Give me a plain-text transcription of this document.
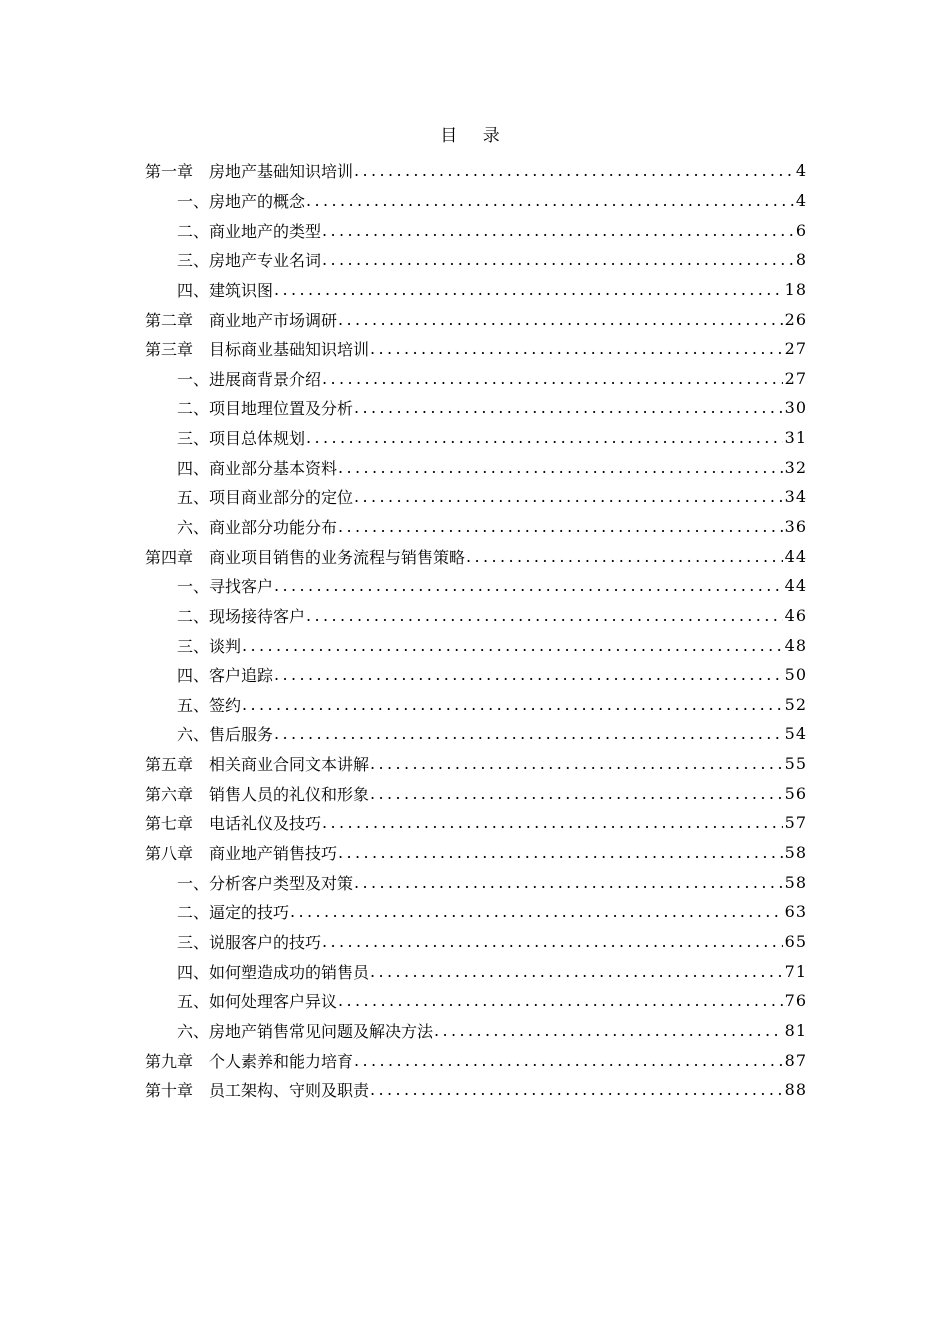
目 录
第一章 房地产基础知识培训 .....	4
一、 房地产的概念 .....	4
二、 商业地产的类型 .....	6
三、 房地产专业名词 .....	8
四、 建筑识图 .....	18
第二章 商业地产市场调研 .....	26
第三章 目标商业基础知识培训 .....	27
一、 进展商背景介绍 .....	27
二、 项目地理位置及分析 .....	30
三、 项目总体规划 .....	31
四、 商业部分基本资料 .....	32
五、 项目商业部分的定位 .....	34
六、 商业部分功能分布 .....	36
第四章 商业项目销售的业务流程与销售策略 .....	44
一、 寻找客户 .....	44
二、 现场接待客户 .....	46
三、 谈判 .....	48
四、 客户追踪 .....	50
五、 签约 .....	52
六、 售后服务 .....	54
第五章 相关商业合同文本讲解 .....	55
第六章 销售人员的礼仪和形象 .....	56
第七章 电话礼仪及技巧 .....	57
第八章 商业地产销售技巧 .....	58
一、 分析客户类型及对策 .....	58
二、 逼定的技巧 .....	63
三、 说服客户的技巧 .....	65
四、 如何塑造成功的销售员 .....	71
五、 如何处理客户异议 .....	76
六、 房地产销售常见问题及解决方法 .....	81
第九章 个人素养和能力培育 .....	87
第十章 员工架构、守则及职责 .....	88
